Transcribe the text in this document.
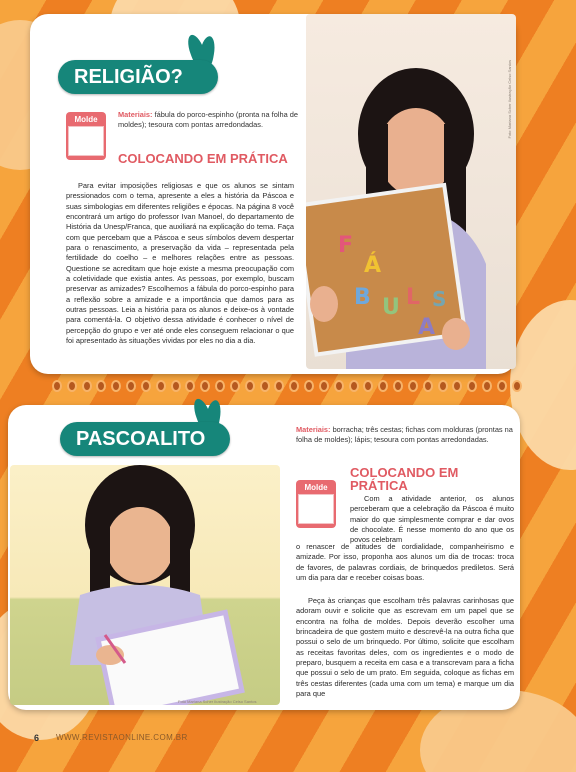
F
Á
B U L
A
S
Foto Mariana Scher Ilustração Celso Santos
RELIGIÃO?
Molde
Materiais: fábula do porco-espinho (pronta na folha de moldes); tesoura com pontas arredondadas.
COLOCANDO EM PRÁTICA
Para evitar imposições religiosas e que os alunos se sintam pressionados com o tema, apresente a eles a história da Páscoa e suas simbologias em diferentes religiões e épocas. Na página 8 você encontrará um artigo do professor Ivan Manoel, do departamento de História da Unesp/Franca, que auxiliará na explicação do tema. Faça com que percebam que a Páscoa e seus símbolos devem despertar para o renascimento, a preservação da vida – representada pela fertilidade do coelho – e melhores relações entre as pessoas. Questione se acreditam que hoje existe a mesma preocupação com a coletividade que existia antes. As pessoas, por exemplo, buscam preservar as amizades? Escolhemos a fábula do porco-espinho para a reflexão sobre a amizade e a importância que damos para as outras pessoas. Leia a história para os alunos e deixe-os à vontade para comentá-la. O objetivo dessa atividade é conhecer o nível de percepção do grupo e ver até onde eles conseguem relacionar o que foi apresentado às situações vividas por eles no dia a dia.
Foto Mariana Scher Ilustração Celso Santos
PASCOALITO	Materiais: borracha; três cestas; fichas com molduras (prontas na folha de moldes); lápis; tesoura com pontas arredondadas.
Molde
COLOCANDO EM PRÁTICA
Com a atividade anterior, os alunos perceberam que a celebração da Páscoa é muito maior do que simplesmente comprar e dar ovos de chocolate. É nesse momento do ano que os povos celebram
o renascer de atitudes de cordialidade, companheirismo e amizade. Por isso, proponha aos alunos um dia de trocas: troca de favores, de palavras cordiais, de brinquedos prediletos. Será um dia para dar e receber coisas boas.
Peça às crianças que escolham três palavras carinhosas que adoram ouvir e solicite que as escrevam em um papel que se encontra na folha de moldes. Depois deverão escolher uma brincadeira de que gostem muito e descrevê-la na outra ficha que possui o selo de um brinquedo. Por último, solicite que escolham as receitas favoritas deles, com os ingredientes e o modo de preparo, busquem a receita em casa e a transcrevam para a ficha que possui o selo de um prato. Em seguida, coloque as fichas em três cestas diferentes (cada uma com um tema) e marque um dia para que
6 WWW.REVISTAONLINE.COM.BR
